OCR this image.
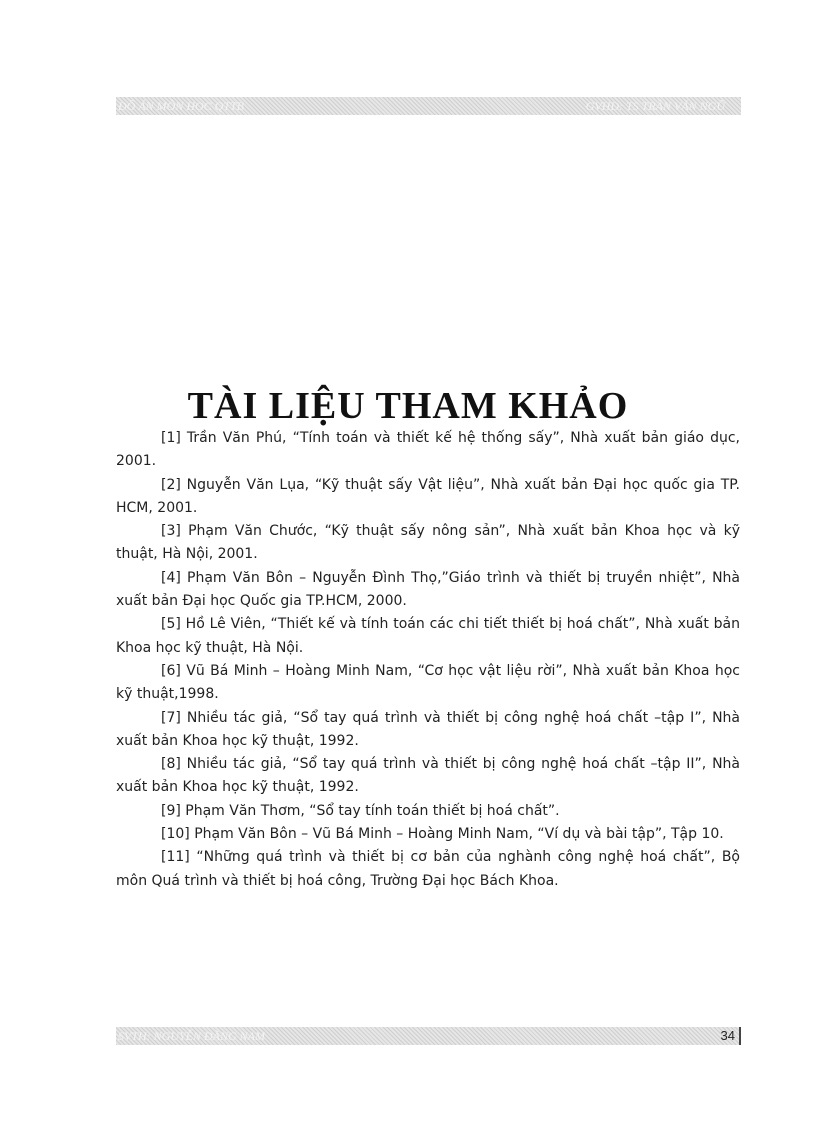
ĐỒ ÁN MÔN HỌC QTTB	GVHD: TS TRẦN VĂN NGŨ
TÀI LIỆU THAM KHẢO

[1] Trần Văn Phú, “Tính toán và thiết kế hệ thống sấy”, Nhà xuất bản giáo dục, 2001.

[2] Nguyễn Văn Lụa, “Kỹ thuật sấy Vật liệu”, Nhà xuất bản Đại học quốc gia TP. HCM, 2001.

[3] Phạm Văn Chước, “Kỹ thuật sấy nông sản”, Nhà xuất bản Khoa học và kỹ thuật, Hà Nội, 2001.

[4] Phạm Văn Bôn – Nguyễn Đình Thọ,”Giáo trình và thiết bị truyền nhiệt”, Nhà xuất bản Đại học Quốc gia TP.HCM, 2000.

[5] Hồ Lê Viên, “Thiết kế và tính toán các chi tiết thiết bị hoá chất”, Nhà xuất bản Khoa học kỹ thuật, Hà Nội.

[6] Vũ Bá Minh – Hoàng Minh Nam, “Cơ học vật liệu rời”, Nhà xuất bản Khoa học kỹ thuật,1998.

[7] Nhiều tác giả, “Sổ tay quá trình và thiết bị công nghệ hoá chất –tập I”, Nhà xuất bản Khoa học kỹ thuật, 1992.

[8] Nhiều tác giả, “Sổ tay quá trình và thiết bị công nghệ hoá chất –tập II”, Nhà xuất bản Khoa học kỹ thuật, 1992.

[9] Phạm Văn Thơm, “Sổ tay tính toán thiết bị hoá chất”.

[10] Phạm Văn Bôn – Vũ Bá Minh – Hoàng Minh Nam, “Ví dụ và bài tập”, Tập 10.

[11] “Những quá trình và thiết bị cơ bản của nghành công nghệ hoá chất”, Bộ môn Quá trình và thiết bị hoá công, Trường Đại học Bách Khoa.

SVTH: NGUYỄN ĐĂNG NAM	34
